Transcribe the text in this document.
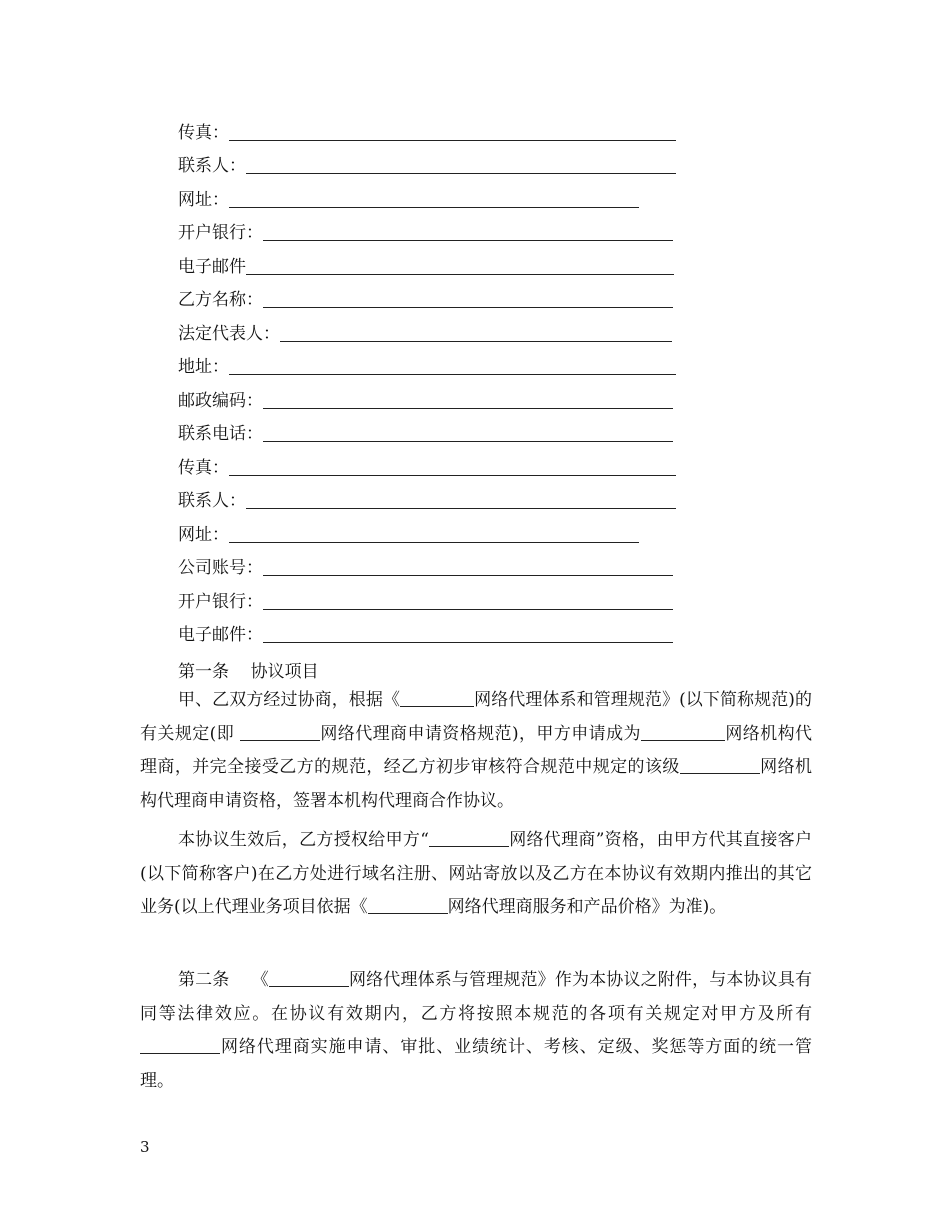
传真：
联系人：
网址：
开户银行：
电子邮件
乙方名称：
法定代表人：
地址：
邮政编码：
联系电话：
传真：
联系人：
网址：
公司账号：
开户银行：
电子邮件：
第一条    协议项目

甲、乙双方经过协商，根据《	网络代理体系和管理规范》(以下简称规范)的有关规定(即	网络代理商申请资格规范)，甲方申请成为	网络机构代理商，并完全接受乙方的规范，经乙方初步审核符合规范中规定的该级	网络机构代理商申请资格，签署本机构代理商合作协议。

本协议生效后，乙方授权给甲方“	网络代理商”资格，由甲方代其直接客户(以下简称客户)在乙方处进行域名注册、网站寄放以及乙方在本协议有效期内推出的其它业务(以上代理业务项目依据《	网络代理商服务和产品价格》为准)。

第二条    《	网络代理体系与管理规范》作为本协议之附件，与本协议具有同等法律效应。在协议有效期内，乙方将按照本规范的各项有关规定对甲方及所有网络代理商实施申请、审批、业绩统计、考核、定级、奖惩等方面的统一管理。

3
